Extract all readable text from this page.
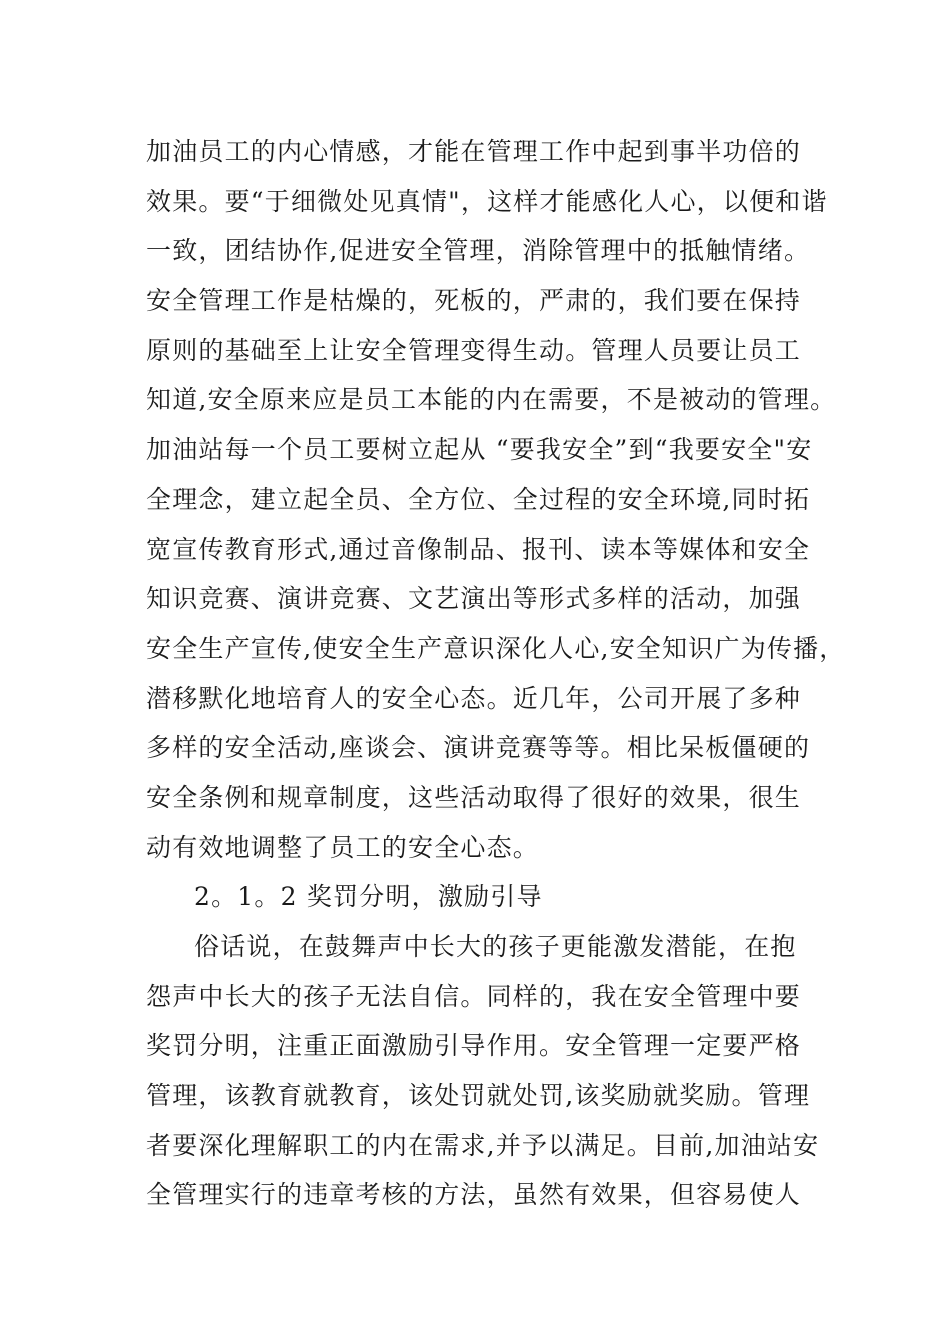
加油员工的内心情感，才能在管理工作中起到事半功倍的
效果。要“于细微处见真情"，这样才能感化人心，以便和谐
一致，团结协作,促进安全管理，消除管理中的抵触情绪。
安全管理工作是枯燥的，死板的，严肃的，我们要在保持
原则的基础至上让安全管理变得生动。管理人员要让员工
知道,安全原来应是员工本能的内在需要，不是被动的管理。
加油站每一个员工要树立起从 “要我安全”到“我要安全"安
全理念，建立起全员、全方位、全过程的安全环境,同时拓
宽宣传教育形式,通过音像制品、报刊、读本等媒体和安全
知识竞赛、演讲竞赛、文艺演出等形式多样的活动，加强
安全生产宣传,使安全生产意识深化人心,安全知识广为传播，
潜移默化地培育人的安全心态。近几年，公司开展了多种
多样的安全活动,座谈会、演讲竞赛等等。相比呆板僵硬的
安全条例和规章制度，这些活动取得了很好的效果，很生
动有效地调整了员工的安全心态。
2。1。2 奖罚分明，激励引导
俗话说，在鼓舞声中长大的孩子更能激发潜能，在抱
怨声中长大的孩子无法自信。同样的，我在安全管理中要
奖罚分明，注重正面激励引导作用。安全管理一定要严格
管理，该教育就教育，该处罚就处罚,该奖励就奖励。管理
者要深化理解职工的内在需求,并予以满足。目前,加油站安
全管理实行的违章考核的方法，虽然有效果，但容易使人
